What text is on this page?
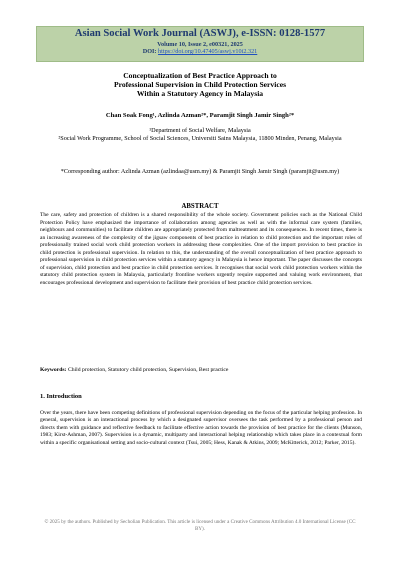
Asian Social Work Journal (ASWJ), e-ISSN: 0128-1577
Volume 10, Issue 2, e00321, 2025
DOI: https://doi.org/10.47405/aswj.v10i2.321
Conceptualization of Best Practice Approach to
Professional Supervision in Child Protection Services
Within a Statutory Agency in Malaysia
Chan Soak Fong¹, Azlinda Azman²*, Paramjit Singh Jamir Singh²*
¹Department of Social Welfare, Malaysia
²Social Work Programme, School of Social Sciences, Universiti Sains Malaysia, 11800 Minden, Penang, Malaysia
*Corresponding author: Azlinda Azman (azlindaa@usm.my) & Paramjit Singh Jamir Singh (paramjit@usm.my)
ABSTRACT
The care, safety and protection of children is a shared responsibility of the whole society. Government policies such as the National Child Protection Policy have emphasized the importance of collaboration among agencies as well as with the informal care system (families, neighbours and communities) to facilitate children are appropriately protected from maltreatment and its consequences. In recent times, there is an increasing awareness of the complexity of the jigsaw components of best practice in relation to child protection and the important roles of professionally trained social work child protection workers in addressing these complexities. One of the import provision to best practice in child protection is professional supervision. In relation to this, the understanding of the overall conceptualization of best practice approach to professional supervision in child protection services within a statutory agency in Malaysia is hence important. The paper discusses the concepts of supervision, child protection and best practice in child protection services. It recognises that social work child protection workers within the statutory child protection system in Malaysia, particularly frontline workers urgently require supported and valuing work environment, that encourages professional development and supervision to facilitate their provision of best practice child protection services.
Keywords: Child protection, Statutory child protection, Supervision, Best practice
1. Introduction
Over the years, there have been competing definitions of professional supervision depending on the focus of the particular helping profession. In general, supervision is an interactional process by which a designated supervisor oversees the task performed by a professional person and directs them with guidance and reflective feedback to facilitate effective action towards the provision of best practice for the clients (Munson, 1983; Kirst-Ashman, 2007). Supervision is a dynamic, multiparty and interactional helping relationship which takes place in a contextual form within a specific organisational setting and socio-cultural context (Tsui, 2005; Hess, Kanak & Atkins, 2009; McKitterick, 2012; Parker, 2015).
© 2025 by the authors. Published by Secholian Publication. This article is licensed under a Creative Commons Attribution 4.0 International License (CC BY).
